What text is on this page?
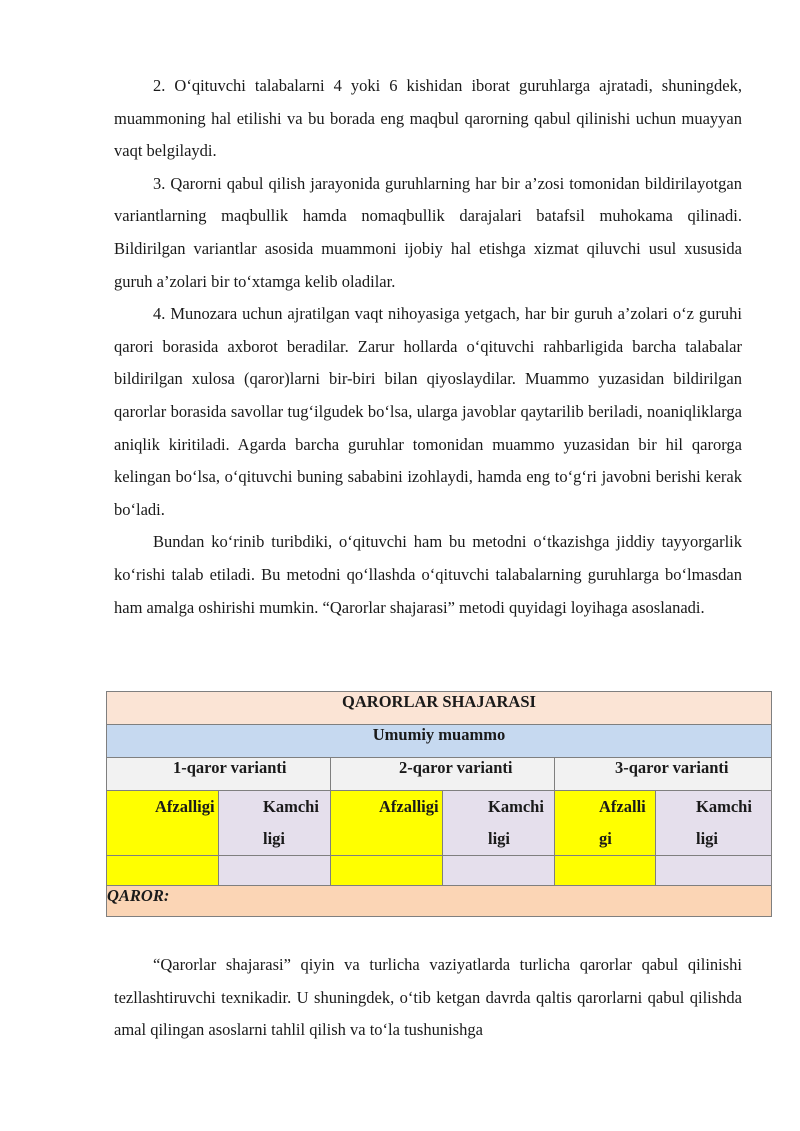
2. O‘qituvchi talabalarni 4 yoki 6 kishidan iborat guruhlarga ajratadi, shuningdek, muammoning hal etilishi va bu borada eng maqbul qarorning qabul qilinishi uchun muayyan vaqt belgilaydi.

3. Qarorni qabul qilish jarayonida guruhlarning har bir a’zosi tomonidan bildirilayotgan variantlarning maqbullik hamda nomaqbullik darajalari batafsil muhokama qilinadi. Bildirilgan variantlar asosida muammoni ijobiy hal etishga xizmat qiluvchi usul xususida guruh a’zolari bir to‘xtamga kelib oladilar.

4. Munozara uchun ajratilgan vaqt nihoyasiga yetgach, har bir guruh a’zolari o‘z guruhi qarori borasida axborot beradilar. Zarur hollarda o‘qituvchi rahbarligida barcha talabalar bildirilgan xulosa (qaror)larni bir-biri bilan qiyoslaydilar. Muammo yuzasidan bildirilgan qarorlar borasida savollar tug‘ilgudek bo‘lsa, ularga javoblar qaytarilib beriladi, noaniqliklarga aniqlik kiritiladi. Agarda barcha guruhlar tomonidan muammo yuzasidan bir hil qarorga kelingan bo‘lsa, o‘qituvchi buning sababini izohlaydi, hamda eng to‘g‘ri javobni berishi kerak bo‘ladi.

Bundan ko‘rinib turibdiki, o‘qituvchi ham bu metodni o‘tkazishga jiddiy tayyorgarlik ko‘rishi talab etiladi. Bu metodni qo‘llashda o‘qituvchi talabalarning guruhlarga bo‘lmasdan ham amalga oshirishi mumkin. “Qarorlar shajarasi” metodi quyidagi loyihaga asoslanadi.

QARORLAR SHAJARASI					
Umumiy muammo					
1-qaror varianti		2-qaror varianti		3-qaror varianti	

Afzalligi	Kamchiligi	Afzalligi	Kamchiligi	Afzalligi	Kamchiligi

QAROR:					

“Qarorlar shajarasi” qiyin va turlicha vaziyatlarda turlicha qarorlar qabul qilinishi tezllashtiruvchi texnikadir. U shuningdek, o‘tib ketgan davrda qaltis qarorlarni qabul qilishda amal qilingan asoslarni tahlil qilish va to‘la tushunishga
